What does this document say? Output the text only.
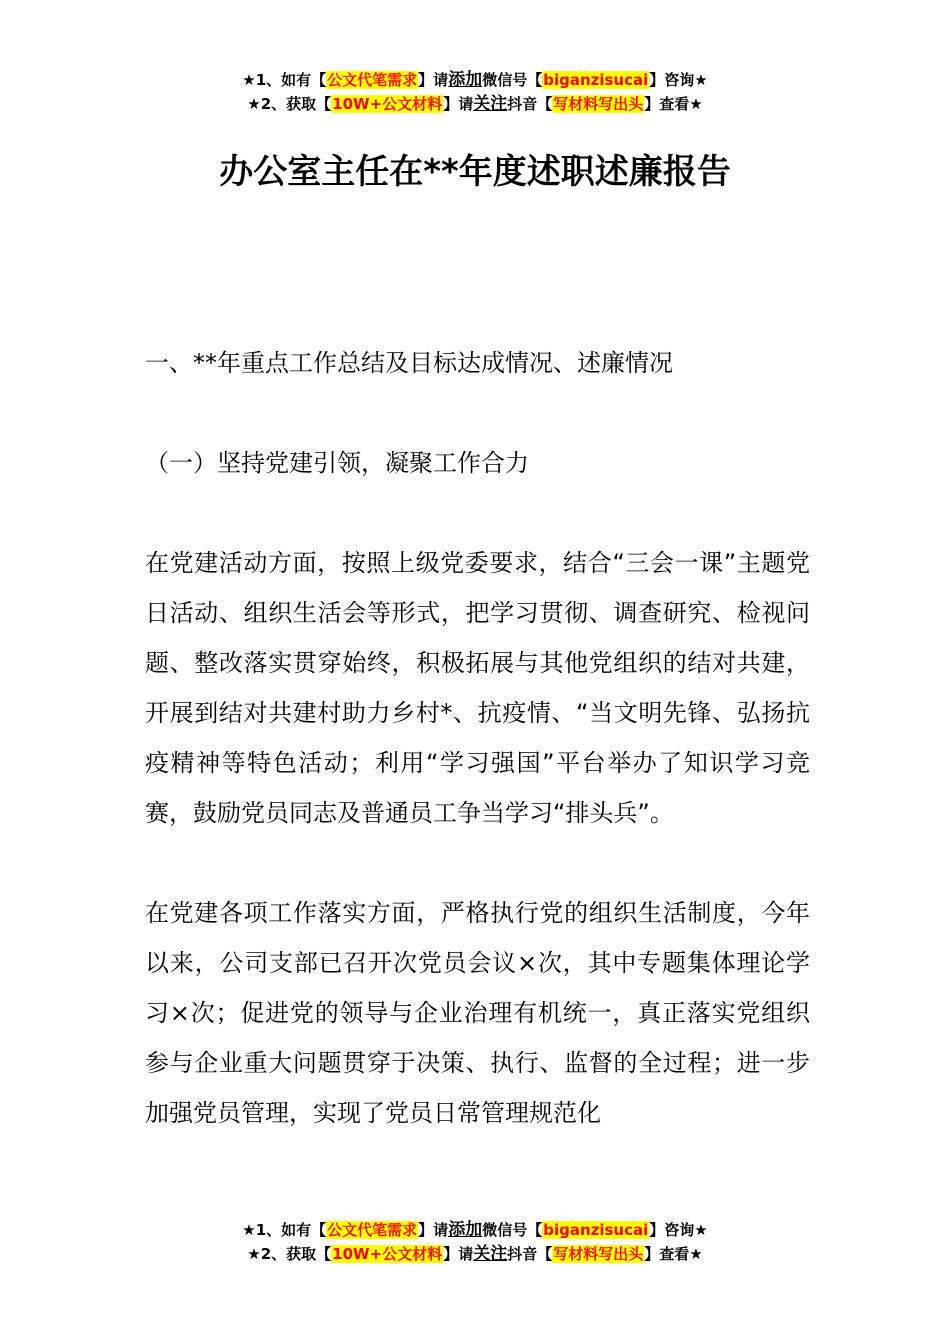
★1、如有【公文代笔需求】请添加微信号【biganzisucai】咨询★
★2、获取【10W+公文材料】请关注抖音【写材料写出头】查看★
办公室主任在**年度述职述廉报告

一、**年重点工作总结及目标达成情况、述廉情况

（一）坚持党建引领，凝聚工作合力

在党建活动方面，按照上级党委要求，结合“三会一课”主题党日活动、组织生活会等形式，把学习贯彻、调查研究、检视问题、整改落实贯穿始终，积极拓展与其他党组织的结对共建，开展到结对共建村助力乡村*、抗疫情、“当文明先锋、弘扬抗疫精神等特色活动；利用“学习强国”平台举办了知识学习竞赛，鼓励党员同志及普通员工争当学习“排头兵”。

在党建各项工作落实方面，严格执行党的组织生活制度，今年以来，公司支部已召开次党员会议×次，其中专题集体理论学习×次；促进党的领导与企业治理有机统一，真正落实党组织参与企业重大问题贯穿于决策、执行、监督的全过程；进一步加强党员管理，实现了党员日常管理规范化

★1、如有【公文代笔需求】请添加微信号【biganzisucai】咨询★
★2、获取【10W+公文材料】请关注抖音【写材料写出头】查看★
